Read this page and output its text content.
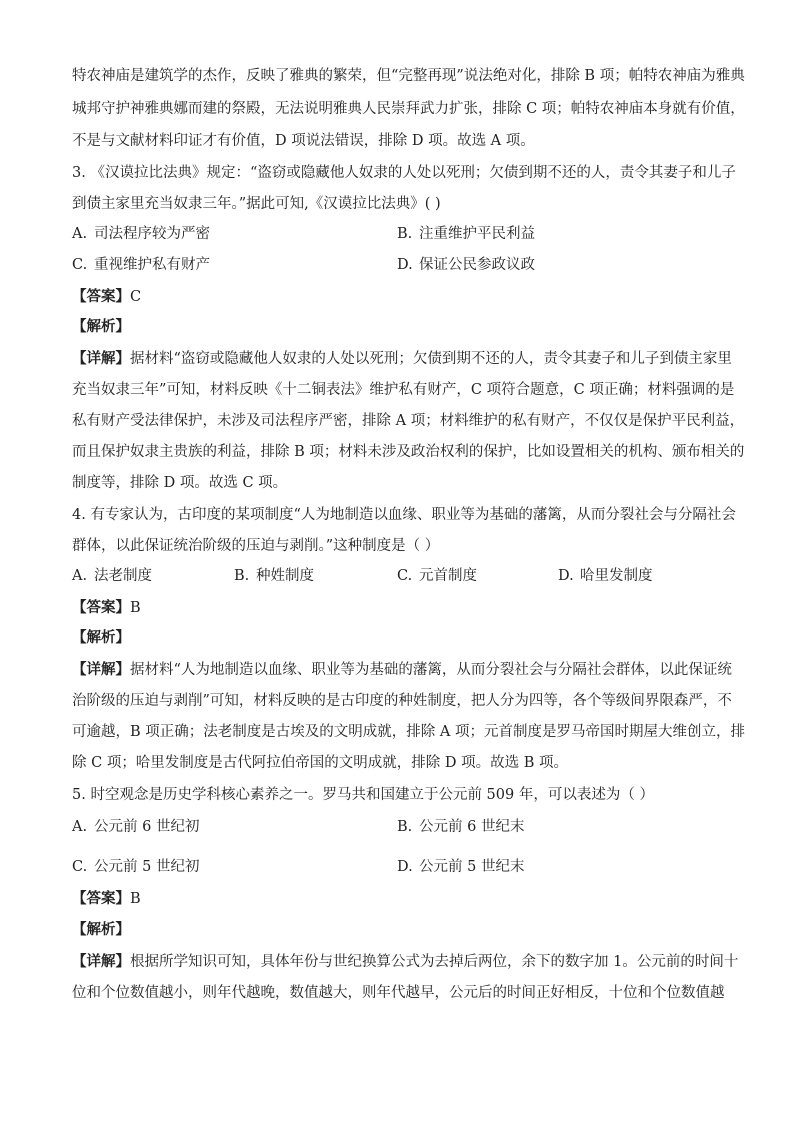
特农神庙是建筑学的杰作，反映了雅典的繁荣，但“完整再现”说法绝对化，排除 B 项；帕特农神庙为雅典
城邦守护神雅典娜而建的祭殿，无法说明雅典人民崇拜武力扩张，排除 C 项；帕特农神庙本身就有价值，
不是与文献材料印证才有价值，D 项说法错误，排除 D 项。故选 A 项。
3. 《汉谟拉比法典》规定：“盗窃或隐藏他人奴隶的人处以死刑；欠债到期不还的人，责令其妻子和儿子
到债主家里充当奴隶三年。”据此可知,《汉谟拉比法典》( )
A. 司法程序较为严密	B. 注重维护平民利益
C. 重视维护私有财产	D. 保证公民参政议政
【答案】C
【解析】
【详解】据材料“盗窃或隐藏他人奴隶的人处以死刑；欠债到期不还的人，责令其妻子和儿子到债主家里
充当奴隶三年”可知，材料反映《十二铜表法》维护私有财产，C 项符合题意，C 项正确；材料强调的是
私有财产受法律保护，未涉及司法程序严密，排除 A 项；材料维护的私有财产，不仅仅是保护平民利益，
而且保护奴隶主贵族的利益，排除 B 项；材料未涉及政治权利的保护，比如设置相关的机构、颁布相关的
制度等，排除 D 项。故选 C 项。
4. 有专家认为，古印度的某项制度“人为地制造以血缘、职业等为基础的藩篱，从而分裂社会与分隔社会
群体，以此保证统治阶级的压迫与剥削。”这种制度是（ ）
A. 法老制度	B. 种姓制度	C. 元首制度	D. 哈里发制度
【答案】B
【解析】
【详解】据材料“人为地制造以血缘、职业等为基础的藩篱，从而分裂社会与分隔社会群体，以此保证统
治阶级的压迫与剥削”可知，材料反映的是古印度的种姓制度，把人分为四等，各个等级间界限森严，不
可逾越，B 项正确；法老制度是古埃及的文明成就，排除 A 项；元首制度是罗马帝国时期屋大维创立，排
除 C 项；哈里发制度是古代阿拉伯帝国的文明成就，排除 D 项。故选 B 项。
5. 时空观念是历史学科核心素养之一。罗马共和国建立于公元前 509 年，可以表述为（ ）
A. 公元前 6 世纪初	B. 公元前 6 世纪末
C. 公元前 5 世纪初	D. 公元前 5 世纪末
【答案】B
【解析】
【详解】根据所学知识可知，具体年份与世纪换算公式为去掉后两位，余下的数字加 1。公元前的时间十
位和个位数值越小，则年代越晚，数值越大，则年代越早，公元后的时间正好相反，十位和个位数值越
